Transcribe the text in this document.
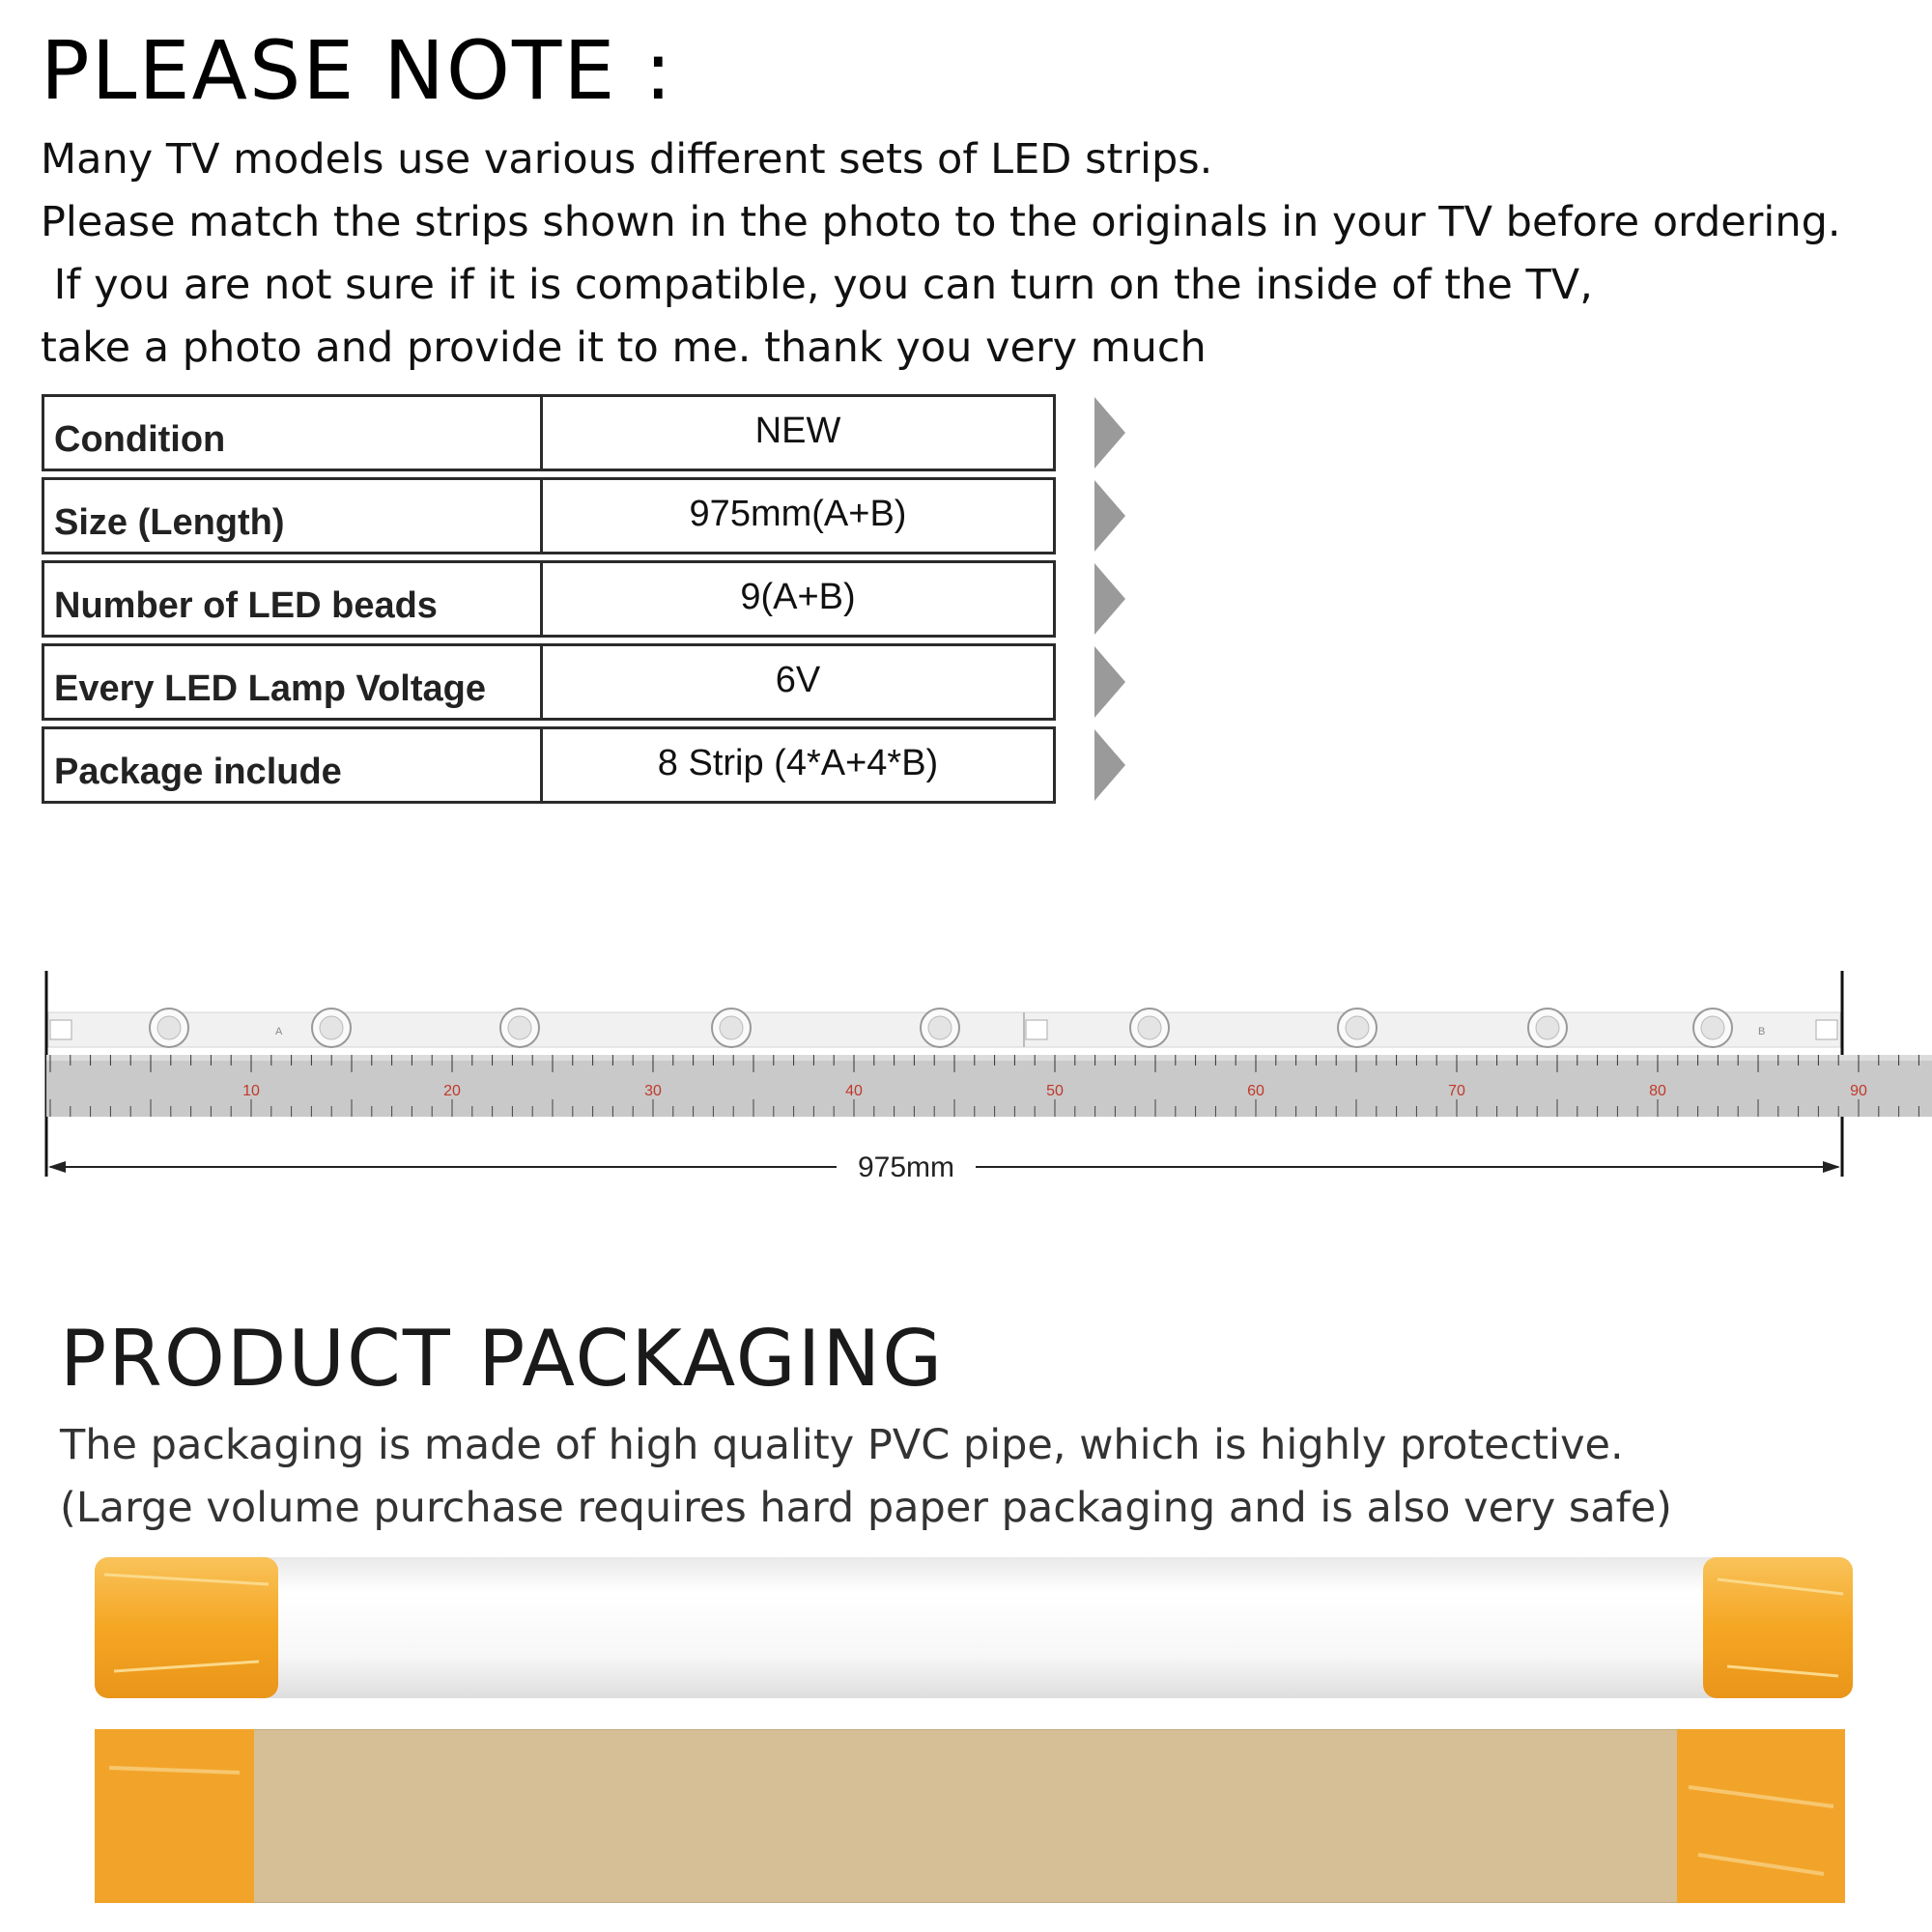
PLEASE NOTE :
Many TV models use various different sets of LED strips.
Please match the strips shown in the photo to the originals in your TV before ordering.
If you are not sure if it is compatible, you can turn on the inside of the TV,
take a photo and provide it to me. thank you very much
Condition	NEW
Size (Length)	975mm(A+B)
Number of LED beads	9(A+B)
Every LED Lamp Voltage	6V
Package include	8 Strip (4*A+4*B)
A	B
10	20	30	40	50	60	70	80	90
975mm
PRODUCT PACKAGING
The packaging is made of high quality PVC pipe, which is highly protective.
(Large volume purchase requires hard paper packaging and is also very safe)
